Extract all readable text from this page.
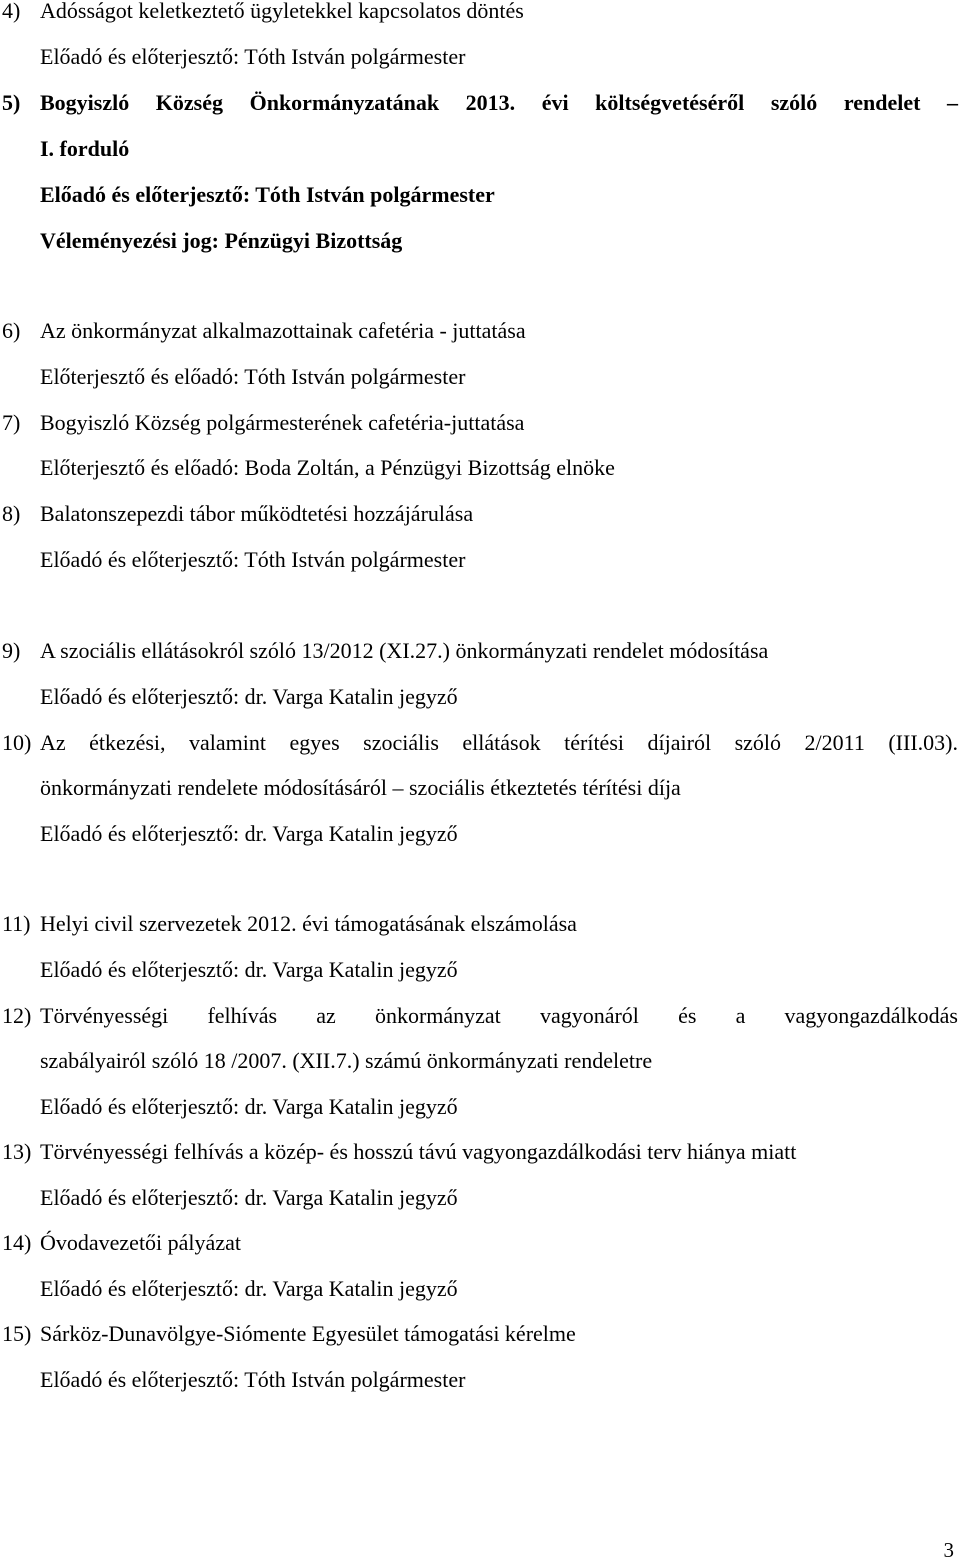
4) Adósságot keletkeztető ügyletekkel kapcsolatos döntés
Előadó és előterjesztő: Tóth István polgármester
5) Bogyiszló Község Önkormányzatának 2013. évi költségvetéséről szóló rendelet –
I. forduló
Előadó és előterjesztő: Tóth István polgármester
Véleményezési jog: Pénzügyi Bizottság
6) Az önkormányzat alkalmazottainak cafetéria - juttatása
Előterjesztő és előadó: Tóth István polgármester
7) Bogyiszló Község polgármesterének cafetéria-juttatása
Előterjesztő és előadó: Boda Zoltán, a Pénzügyi Bizottság elnöke
8) Balatonszepezdi tábor működtetési hozzájárulása
Előadó és előterjesztő: Tóth István polgármester
9) A szociális ellátásokról szóló 13/2012 (XI.27.) önkormányzati rendelet módosítása
Előadó és előterjesztő: dr. Varga Katalin jegyző
10) Az étkezési, valamint egyes szociális ellátások térítési díjairól szóló 2/2011 (III.03).
önkormányzati rendelete módosításáról – szociális étkeztetés térítési díja
Előadó és előterjesztő: dr. Varga Katalin jegyző
11) Helyi civil szervezetek 2012. évi támogatásának elszámolása
Előadó és előterjesztő: dr. Varga Katalin jegyző
12) Törvényességi felhívás az önkormányzat vagyonáról és a vagyongazdálkodás
szabályairól szóló 18 /2007. (XII.7.) számú önkormányzati rendeletre
Előadó és előterjesztő: dr. Varga Katalin jegyző
13) Törvényességi felhívás a közép- és hosszú távú vagyongazdálkodási terv hiánya miatt
Előadó és előterjesztő: dr. Varga Katalin jegyző
14) Óvodavezetői pályázat
Előadó és előterjesztő: dr. Varga Katalin jegyző
15) Sárköz-Dunavölgye-Siómente Egyesület támogatási kérelme
Előadó és előterjesztő: Tóth István polgármester
3
